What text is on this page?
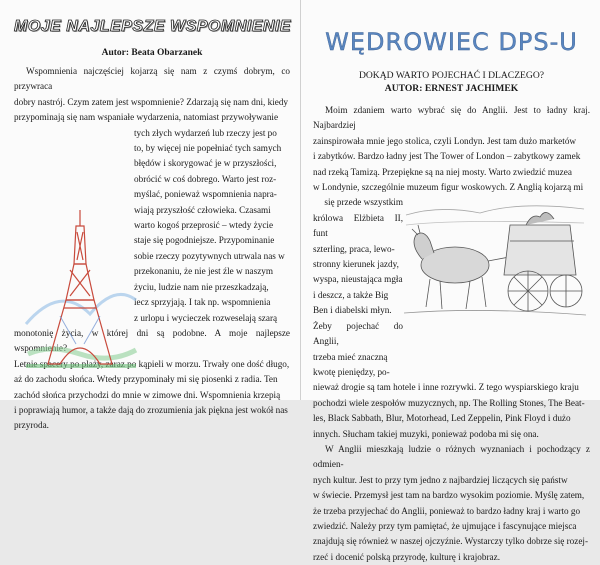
MOJE NAJLEPSZE WSPOMNIENIE
Autor: Beata Obarzanek

Wspomnienia najczęściej kojarzą się nam z czymś dobrym, co przywraca

dobry nastrój. Czym zatem jest wspomnienie? Zdarzają się nam dni, kiedy

przypominają się nam wspaniałe wydarzenia, natomiast przywoływanie

tych złych wydarzeń lub rzeczy jest po

to, by więcej nie popełniać tych samych

błędów i skorygować je w przyszłości,

obrócić w coś dobrego. Warto jest roz-

myślać, ponieważ wspomnienia napra-

wiają przyszłość człowieka. Czasami

warto kogoś przeprosić – wtedy życie

staje się pogodniejsze. Przypominanie

sobie rzeczy pozytywnych utrwala nas w

przekonaniu, że nie jest źle w naszym

życiu, ludzie nam nie przeszkadzają,

lecz sprzyjają. I tak np. wspomnienia

z urlopu i wycieczek rozweselają szarą

monotonię życia, w której dni są podobne. A moje najlepsze wspomnienie?

Letnie spacery po plaży, zaraz po kąpieli w morzu. Trwały one dość długo,

aż do zachodu słońca. Wtedy przypominały mi się piosenki z radia. Ten

zachód słońca przychodzi do mnie w zimowe dni. Wspomnienia krzepią

i poprawiają humor, a także dają do zrozumienia jak piękna jest wokół nas

przyroda.

WĘDROWIEC DPS-U

DOKĄD WARTO POJECHAĆ I DLACZEGO?

AUTOR: ERNEST JACHIMEK

Moim zdaniem warto wybrać się do Anglii. Jest to ładny kraj. Najbardziej

zainspirowała mnie jego stolica, czyli Londyn. Jest tam dużo marketów

i zabytków. Bardzo ładny jest The Tower of London – zabytkowy zamek

nad rzeką Tamizą. Przepiękne są na niej mosty. Warto zwiedzić muzea

w Londynie, szczególnie muzeum figur woskowych. Z Anglią kojarzą mi

się przede wszystkim

królowa Elżbieta II, funt

szterling, praca, lewo-

stronny kierunek jazdy,

wyspa, nieustająca mgła

i deszcz, a także Big

Ben i diabelski młyn.

Żeby pojechać do Anglii,

trzeba mieć znaczną

kwotę pieniędzy, po-

nieważ drogie są tam hotele i inne rozrywki. Z tego wyspiarskiego kraju

pochodzi wiele zespołów muzycznych, np. The Rolling Stones, The Beat-

les, Black Sabbath, Blur, Motorhead, Led Zeppelin, Pink Floyd i dużo

innych. Słucham takiej muzyki, ponieważ podoba mi się ona.

W Anglii mieszkają ludzie o różnych wyznaniach i pochodzący z odmien-

nych kultur. Jest to przy tym jedno z najbardziej liczących się państw

w świecie. Przemysł jest tam na bardzo wysokim poziomie. Myślę zatem,

że trzeba przyjechać do Anglii, ponieważ to bardzo ładny kraj i warto go

zwiedzić. Należy przy tym pamiętać, że ujmujące i fascynujące miejsca

znajdują się również w naszej ojczyźnie. Wystarczy tylko dobrze się rozej-

rzeć i docenić polską przyrodę, kulturę i krajobraz.
